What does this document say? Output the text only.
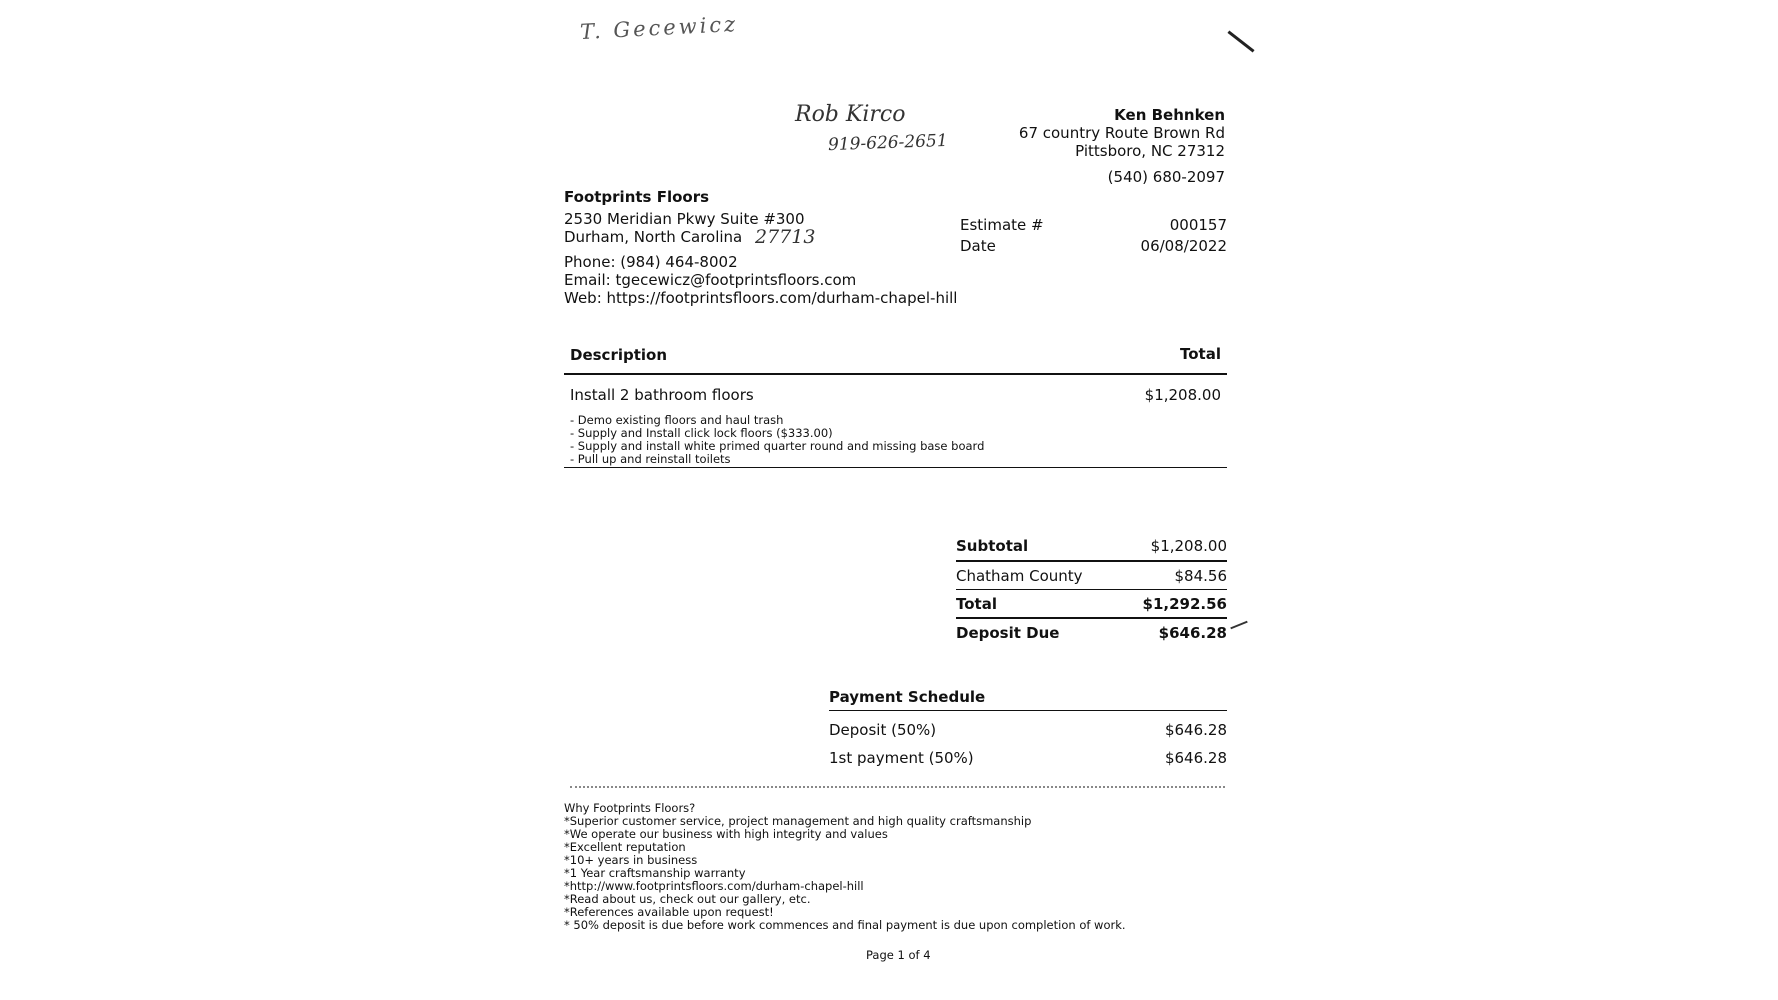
T. Gecewicz
Rob Kirco
919-626-2651
Ken Behnken
67 country Route Brown Rd
Pittsboro, NC 27312
(540) 680-2097
Footprints Floors
2530 Meridian Pkwy Suite #300
Durham, North Carolina
Phone: (984) 464-8002
Email: tgecewicz@footprintsfloors.com
Web: https://footprintsfloors.com/durham-chapel-hill
27713
Estimate #	000157
Date	06/08/2022
Description	Total
Install 2 bathroom floors	$1,208.00
- Demo existing floors and haul trash
- Supply and Install click lock floors ($333.00)
- Supply and install white primed quarter round and missing base board
- Pull up and reinstall toilets
Subtotal	$1,208.00
Chatham County	$84.56
Total	$1,292.56
Deposit Due	$646.28
Payment Schedule
Deposit (50%)	$646.28
1st payment (50%)	$646.28
Why Footprints Floors?
*Superior customer service, project management and high quality craftsmanship
*We operate our business with high integrity and values
*Excellent reputation
*10+ years in business
*1 Year craftsmanship warranty
*http://www.footprintsfloors.com/durham-chapel-hill
*Read about us, check out our gallery, etc.
*References available upon request!
* 50% deposit is due before work commences and final payment is due upon completion of work.
Page 1 of 4
